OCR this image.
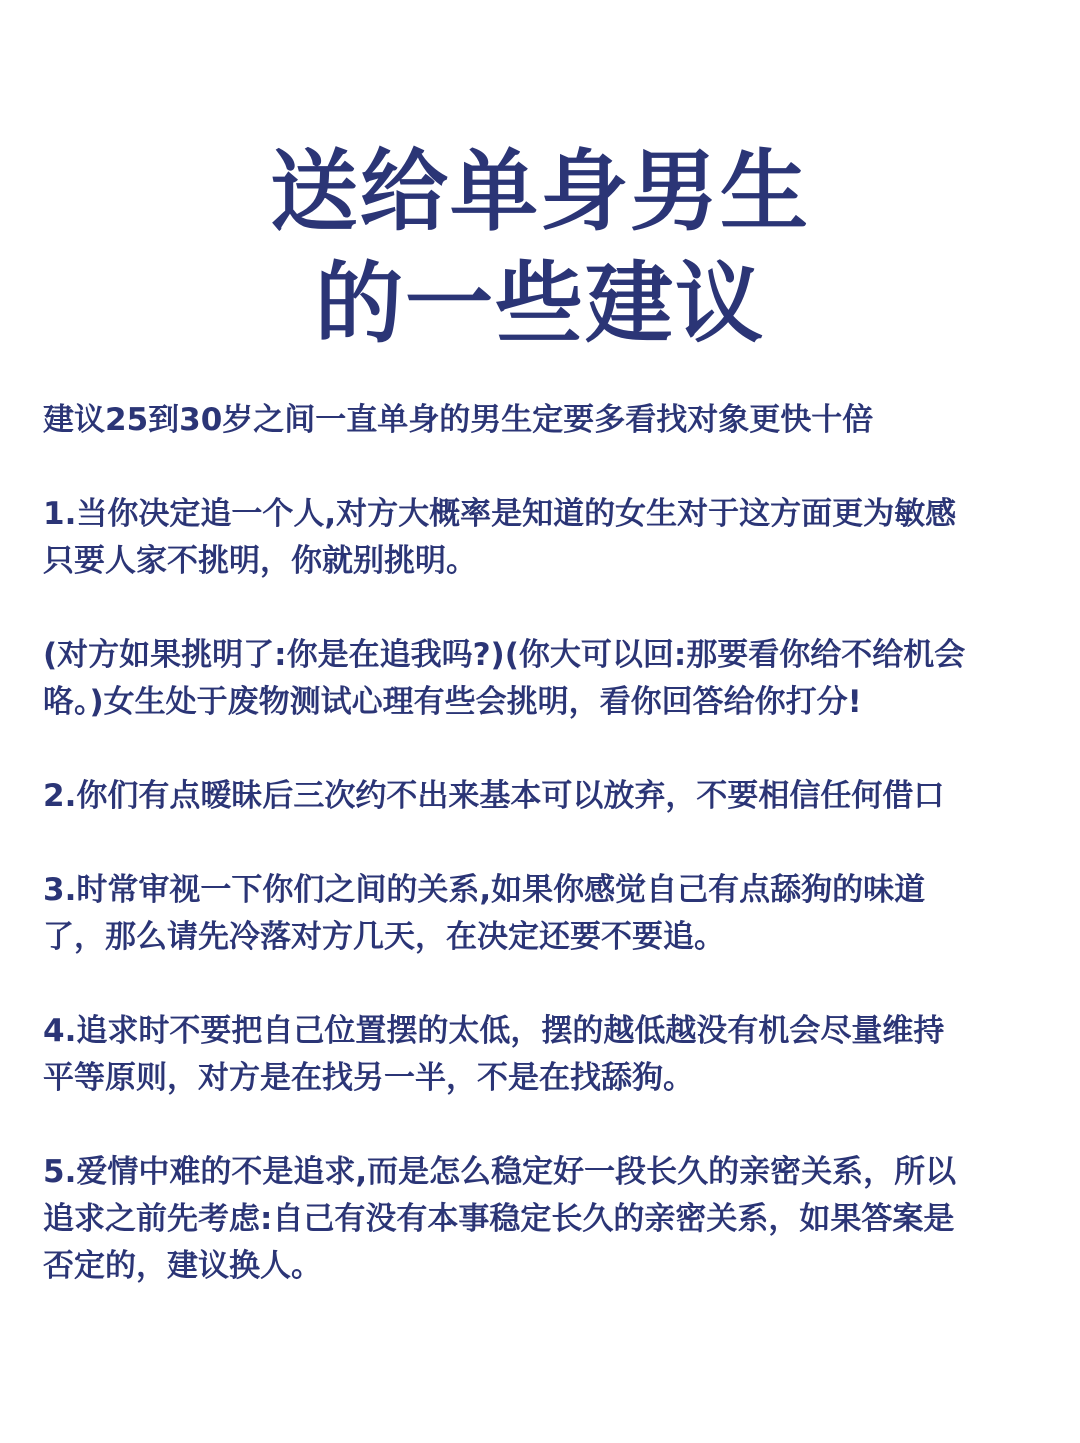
送给单身男生
的一些建议

建议25到30岁之间一直单身的男生定要多看找对象更快十倍

1.当你决定追一个人,对方大概率是知道的女生对于这方面更为敏感
只要人家不挑明，你就别挑明。

(对方如果挑明了:你是在追我吗?)(你大可以回:那要看你给不给机会
咯。)女生处于废物测试心理有些会挑明，看你回答给你打分!

2.你们有点暧昧后三次约不出来基本可以放弃，不要相信任何借口

3.时常审视一下你们之间的关系,如果你感觉自己有点舔狗的味道
了，那么请先冷落对方几天，在决定还要不要追。

4.追求时不要把自己位置摆的太低，摆的越低越没有机会尽量维持
平等原则，对方是在找另一半，不是在找舔狗。

5.爱情中难的不是追求,而是怎么稳定好一段长久的亲密关系，所以
追求之前先考虑:自己有没有本事稳定长久的亲密关系，如果答案是
否定的，建议换人。
